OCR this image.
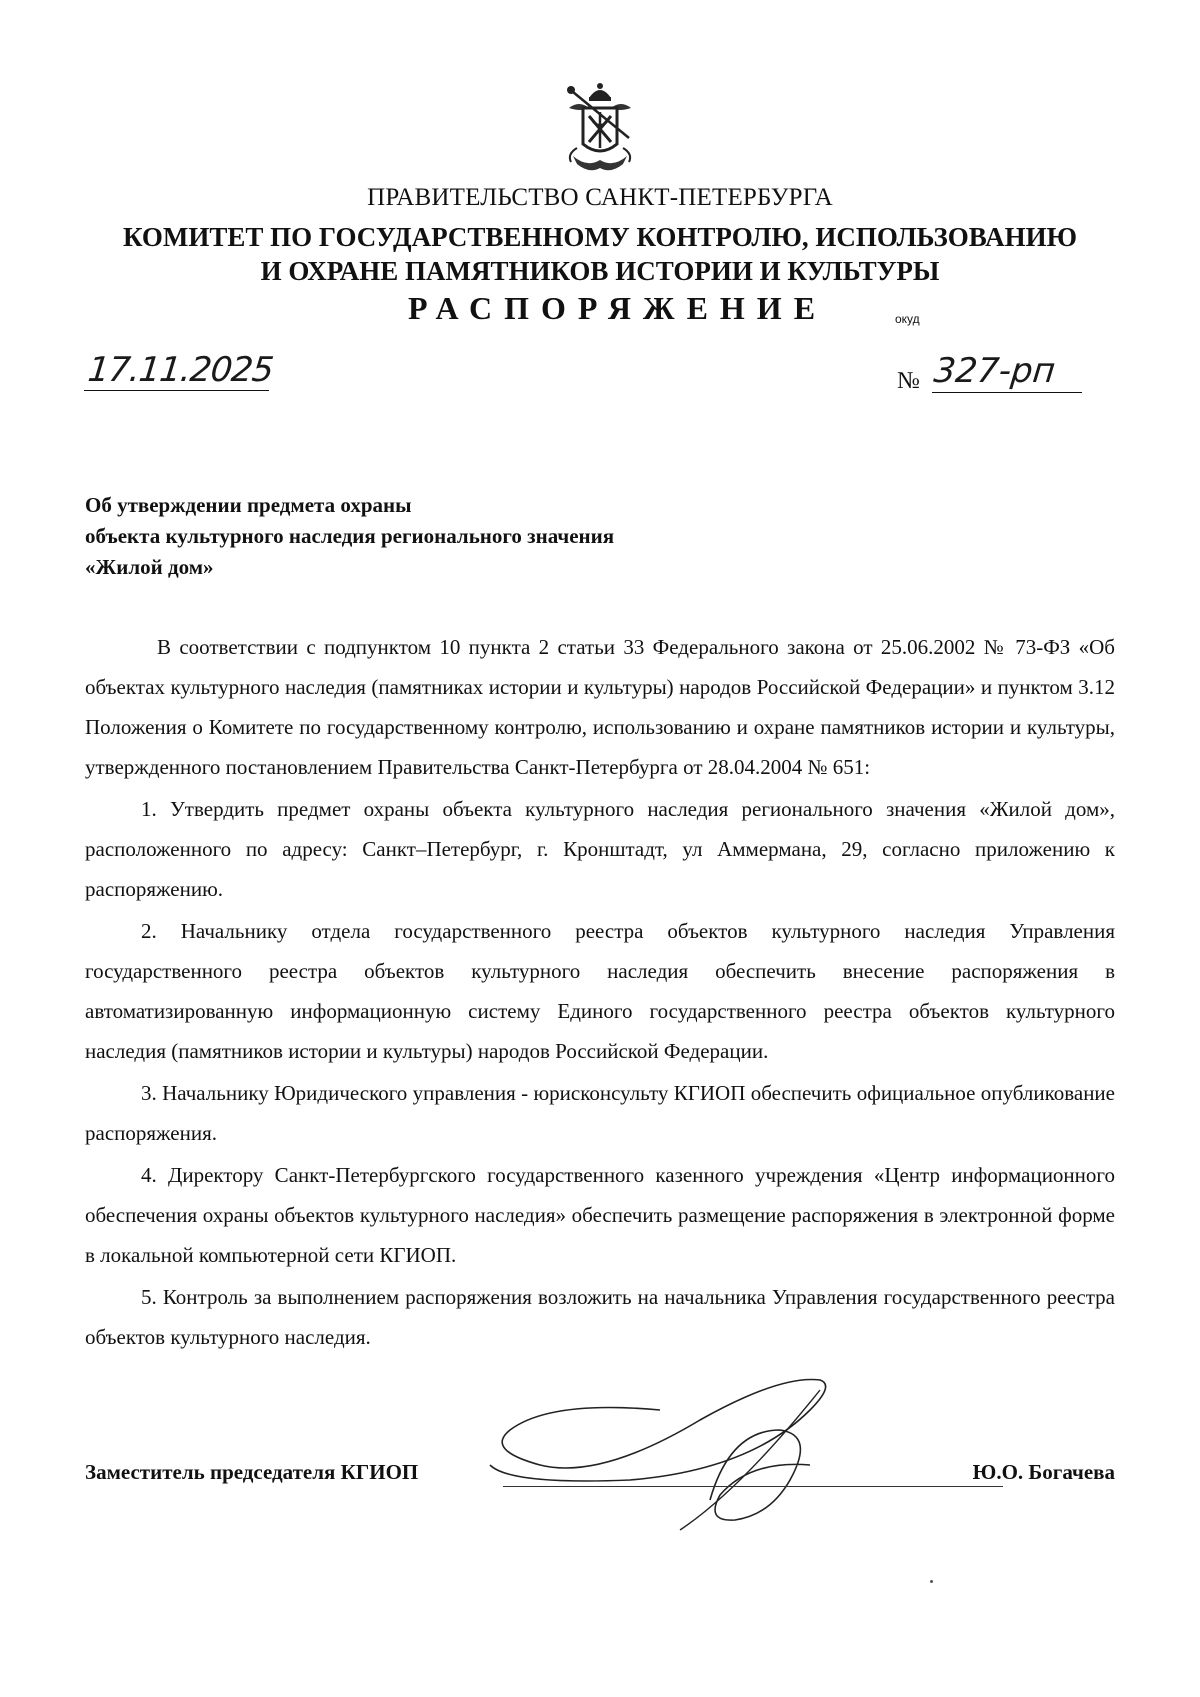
ПРАВИТЕЛЬСТВО САНКТ-ПЕТЕРБУРГА
КОМИТЕТ ПО ГОСУДАРСТВЕННОМУ КОНТРОЛЮ, ИСПОЛЬЗОВАНИЮ
И ОХРАНЕ ПАМЯТНИКОВ ИСТОРИИ И КУЛЬТУРЫ
РАСПОРЯЖЕНИЕ	окуд
17.11.2025	№ 327-рп
Об утверждении предмета охраны
объекта культурного наследия регионального значения
«Жилой дом»

В соответствии с подпунктом 10 пункта 2 статьи 33 Федерального закона от 25.06.2002 № 73-ФЗ «Об объектах культурного наследия (памятниках истории и культуры) народов Российской Федерации» и пунктом 3.12 Положения о Комитете по государственному контролю, использованию и охране памятников истории и культуры, утвержденного постановлением Правительства Санкт-Петербурга от 28.04.2004 № 651:

1. Утвердить предмет охраны объекта культурного наследия регионального значения «Жилой дом», расположенного по адресу: Санкт–Петербург, г. Кронштадт, ул Аммермана, 29, согласно приложению к распоряжению.

2. Начальнику отдела государственного реестра объектов культурного наследия Управления государственного реестра объектов культурного наследия обеспечить внесение распоряжения в автоматизированную информационную систему Единого государственного реестра объектов культурного наследия (памятников истории и культуры) народов Российской Федерации.

3. Начальнику Юридического управления - юрисконсульту КГИОП обеспечить официальное опубликование распоряжения.

4. Директору Санкт-Петербургского государственного казенного учреждения «Центр информационного обеспечения охраны объектов культурного наследия» обеспечить размещение распоряжения в электронной форме в локальной компьютерной сети КГИОП.

5. Контроль за выполнением распоряжения возложить на начальника Управления государственного реестра объектов культурного наследия.

Заместитель председателя КГИОП	Ю.О. Богачева
